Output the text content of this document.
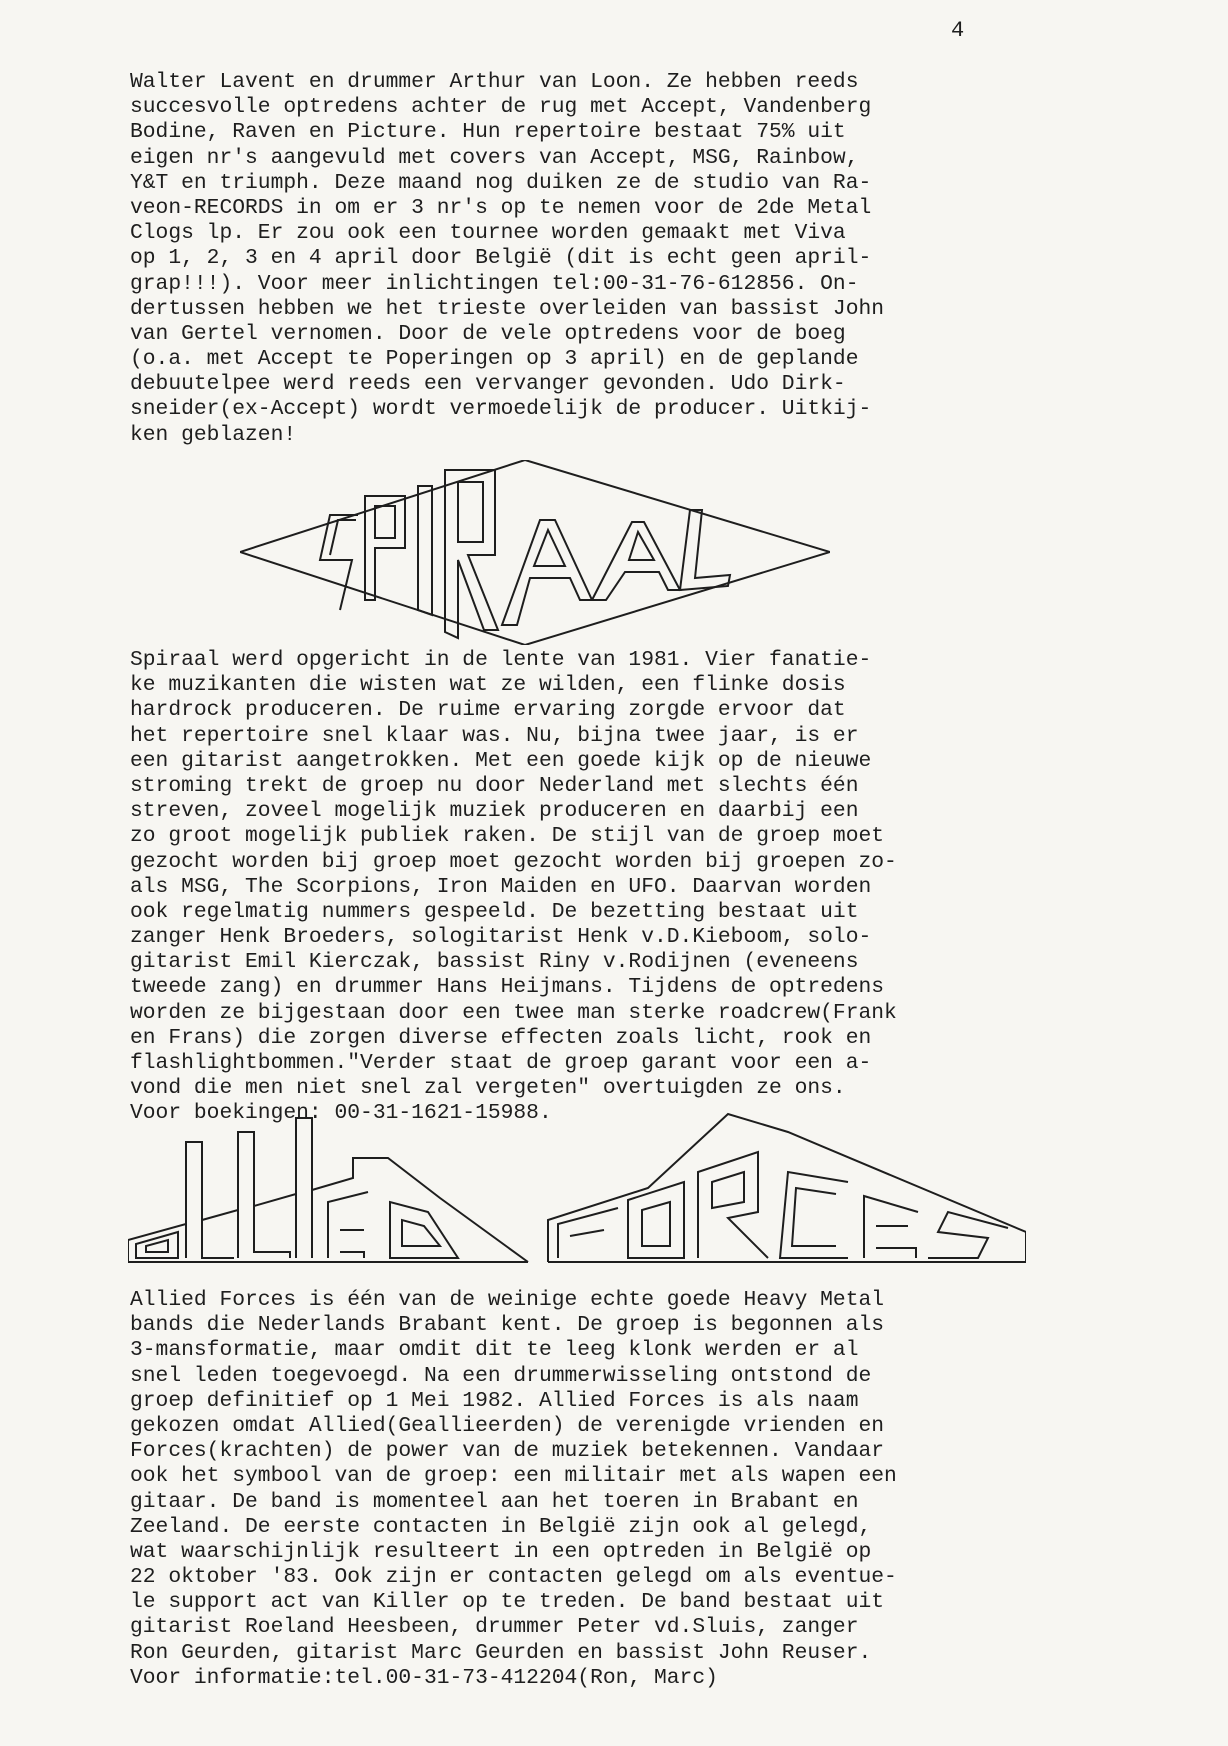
4
Walter Lavent en drummer Arthur van Loon. Ze hebben reeds
succesvolle optredens achter de rug met Accept, Vandenberg
Bodine, Raven en Picture. Hun repertoire bestaat 75% uit
eigen nr's aangevuld met covers van Accept, MSG, Rainbow,
Y&T en triumph. Deze maand nog duiken ze de studio van Ra-
veon-RECORDS in om er 3 nr's op te nemen voor de 2de Metal
Clogs lp. Er zou ook een tournee worden gemaakt met Viva
op 1, 2, 3 en 4 april door België (dit is echt geen april-
grap!!!). Voor meer inlichtingen tel:00-31-76-612856. On-
dertussen hebben we het trieste overleiden van bassist John
van Gertel vernomen. Door de vele optredens voor de boeg
(o.a. met Accept te Poperingen op 3 april) en de geplande
debuutelpee werd reeds een vervanger gevonden. Udo Dirk-
sneider(ex-Accept) wordt vermoedelijk de producer. Uitkij-
ken geblazen!
Spiraal werd opgericht in de lente van 1981. Vier fanatie-
ke muzikanten die wisten wat ze wilden, een flinke dosis
hardrock produceren. De ruime ervaring zorgde ervoor dat
het repertoire snel klaar was. Nu, bijna twee jaar, is er
een gitarist aangetrokken. Met een goede kijk op de nieuwe
stroming trekt de groep nu door Nederland met slechts één
streven, zoveel mogelijk muziek produceren en daarbij een
zo groot mogelijk publiek raken. De stijl van de groep moet
gezocht worden bij groep moet gezocht worden bij groepen zo-
als MSG, The Scorpions, Iron Maiden en UFO. Daarvan worden
ook regelmatig nummers gespeeld. De bezetting bestaat uit
zanger Henk Broeders, sologitarist Henk v.D.Kieboom, solo-
gitarist Emil Kierczak, bassist Riny v.Rodijnen (eveneens
tweede zang) en drummer Hans Heijmans. Tijdens de optredens
worden ze bijgestaan door een twee man sterke roadcrew(Frank
en Frans) die zorgen diverse effecten zoals licht, rook en
flashlightbommen."Verder staat de groep garant voor een a-
vond die men niet snel zal vergeten" overtuigden ze ons.
Voor boekingen: 00-31-1621-15988.
Allied Forces is één van de weinige echte goede Heavy Metal
bands die Nederlands Brabant kent. De groep is begonnen als
3-mansformatie, maar omdit dit te leeg klonk werden er al
snel leden toegevoegd. Na een drummerwisseling ontstond de
groep definitief op 1 Mei 1982. Allied Forces is als naam
gekozen omdat Allied(Geallieerden) de verenigde vrienden en
Forces(krachten) de power van de muziek betekennen. Vandaar
ook het symbool van de groep: een militair met als wapen een
gitaar. De band is momenteel aan het toeren in Brabant en
Zeeland. De eerste contacten in België zijn ook al gelegd,
wat waarschijnlijk resulteert in een optreden in België op
22 oktober '83. Ook zijn er contacten gelegd om als eventue-
le support act van Killer op te treden. De band bestaat uit
gitarist Roeland Heesbeen, drummer Peter vd.Sluis, zanger
Ron Geurden, gitarist Marc Geurden en bassist John Reuser.
Voor informatie:tel.00-31-73-412204(Ron, Marc)
